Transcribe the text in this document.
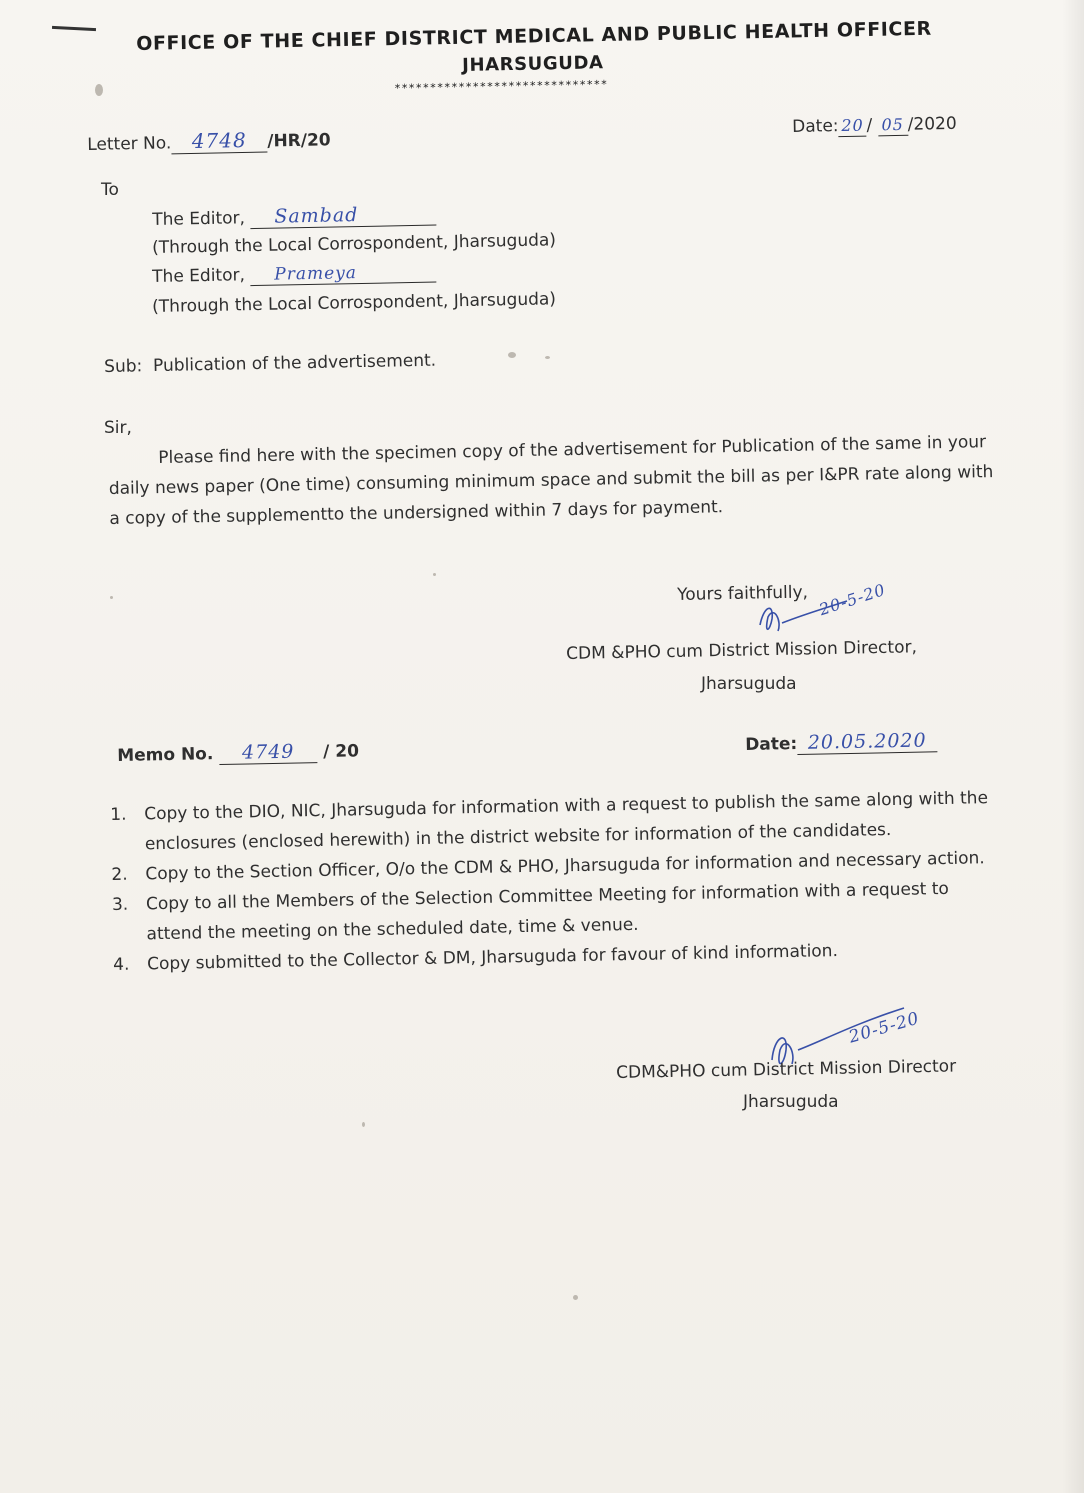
OFFICE OF THE CHIEF DISTRICT MEDICAL AND PUBLIC HEALTH OFFICER
JHARSUGUDA
******************************
Letter No. 4748 /HR/20
Date: 20 / 05 /2020
To
The Editor, Sambad
(Through the Local Corrospondent, Jharsuguda)
The Editor, Prameya
(Through the Local Corrospondent, Jharsuguda)
Sub: Publication of the advertisement.
Sir,
Please find here with the specimen copy of the advertisement for Publication of the same in your daily news paper (One time) consuming minimum space and submit the bill as per I&PR rate along with a copy of the supplementto the undersigned within 7 days for payment.
Yours faithfully, 20-5-20
CDM &PHO cum District Mission Director,
Jharsuguda
Memo No. 4749 / 20	Date: 20.05.2020
1. Copy to the DIO, NIC, Jharsuguda for information with a request to publish the same along with the
enclosures (enclosed herewith) in the district website for information of the candidates.
2. Copy to the Section Officer, O/o the CDM & PHO, Jharsuguda for information and necessary action.
3. Copy to all the Members of the Selection Committee Meeting for information with a request to
attend the meeting on the scheduled date, time & venue.
4. Copy submitted to the Collector & DM, Jharsuguda for favour of kind information.
20-5-20
CDM&PHO cum District Mission Director
Jharsuguda
